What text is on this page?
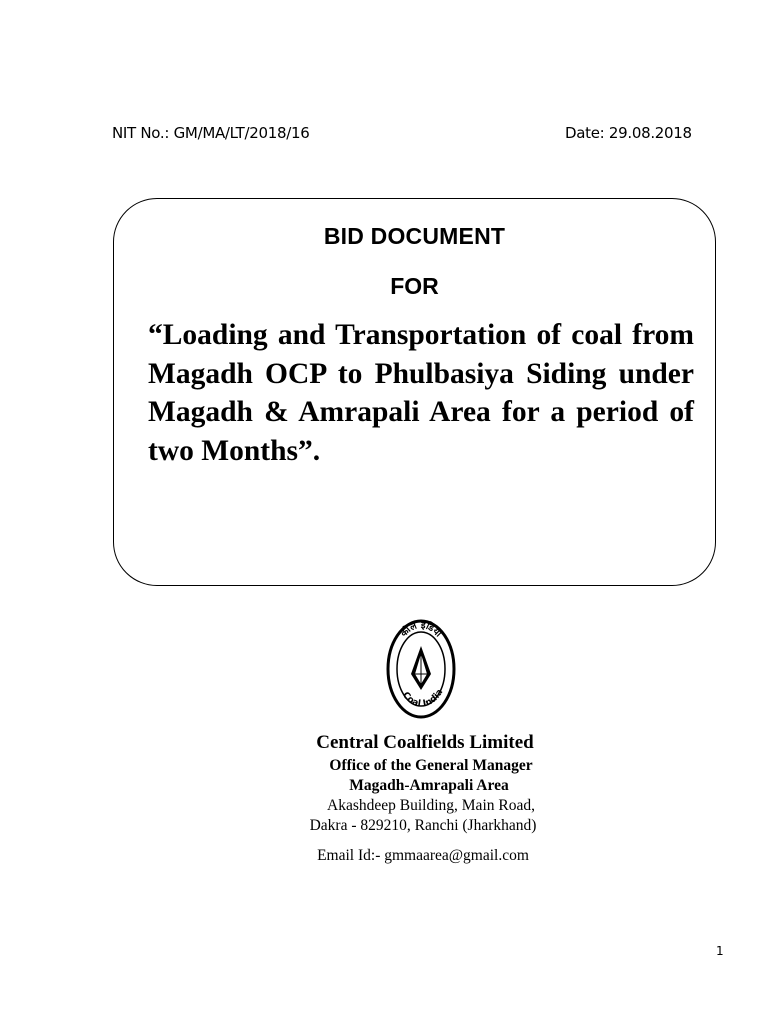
NIT No.: GM/MA/LT/2018/16	Date: 29.08.2018
BID DOCUMENT
FOR
“Loading and Transportation of coal from Magadh OCP to Phulbasiya Siding under Magadh & Amrapali Area for a period of two Months”.
कोल इंडिया
Coal India
Central Coalfields Limited
Office of the General Manager
Magadh-Amrapali Area
Akashdeep Building, Main Road,
Dakra - 829210, Ranchi (Jharkhand)
Email Id:- gmmaarea@gmail.com
1
